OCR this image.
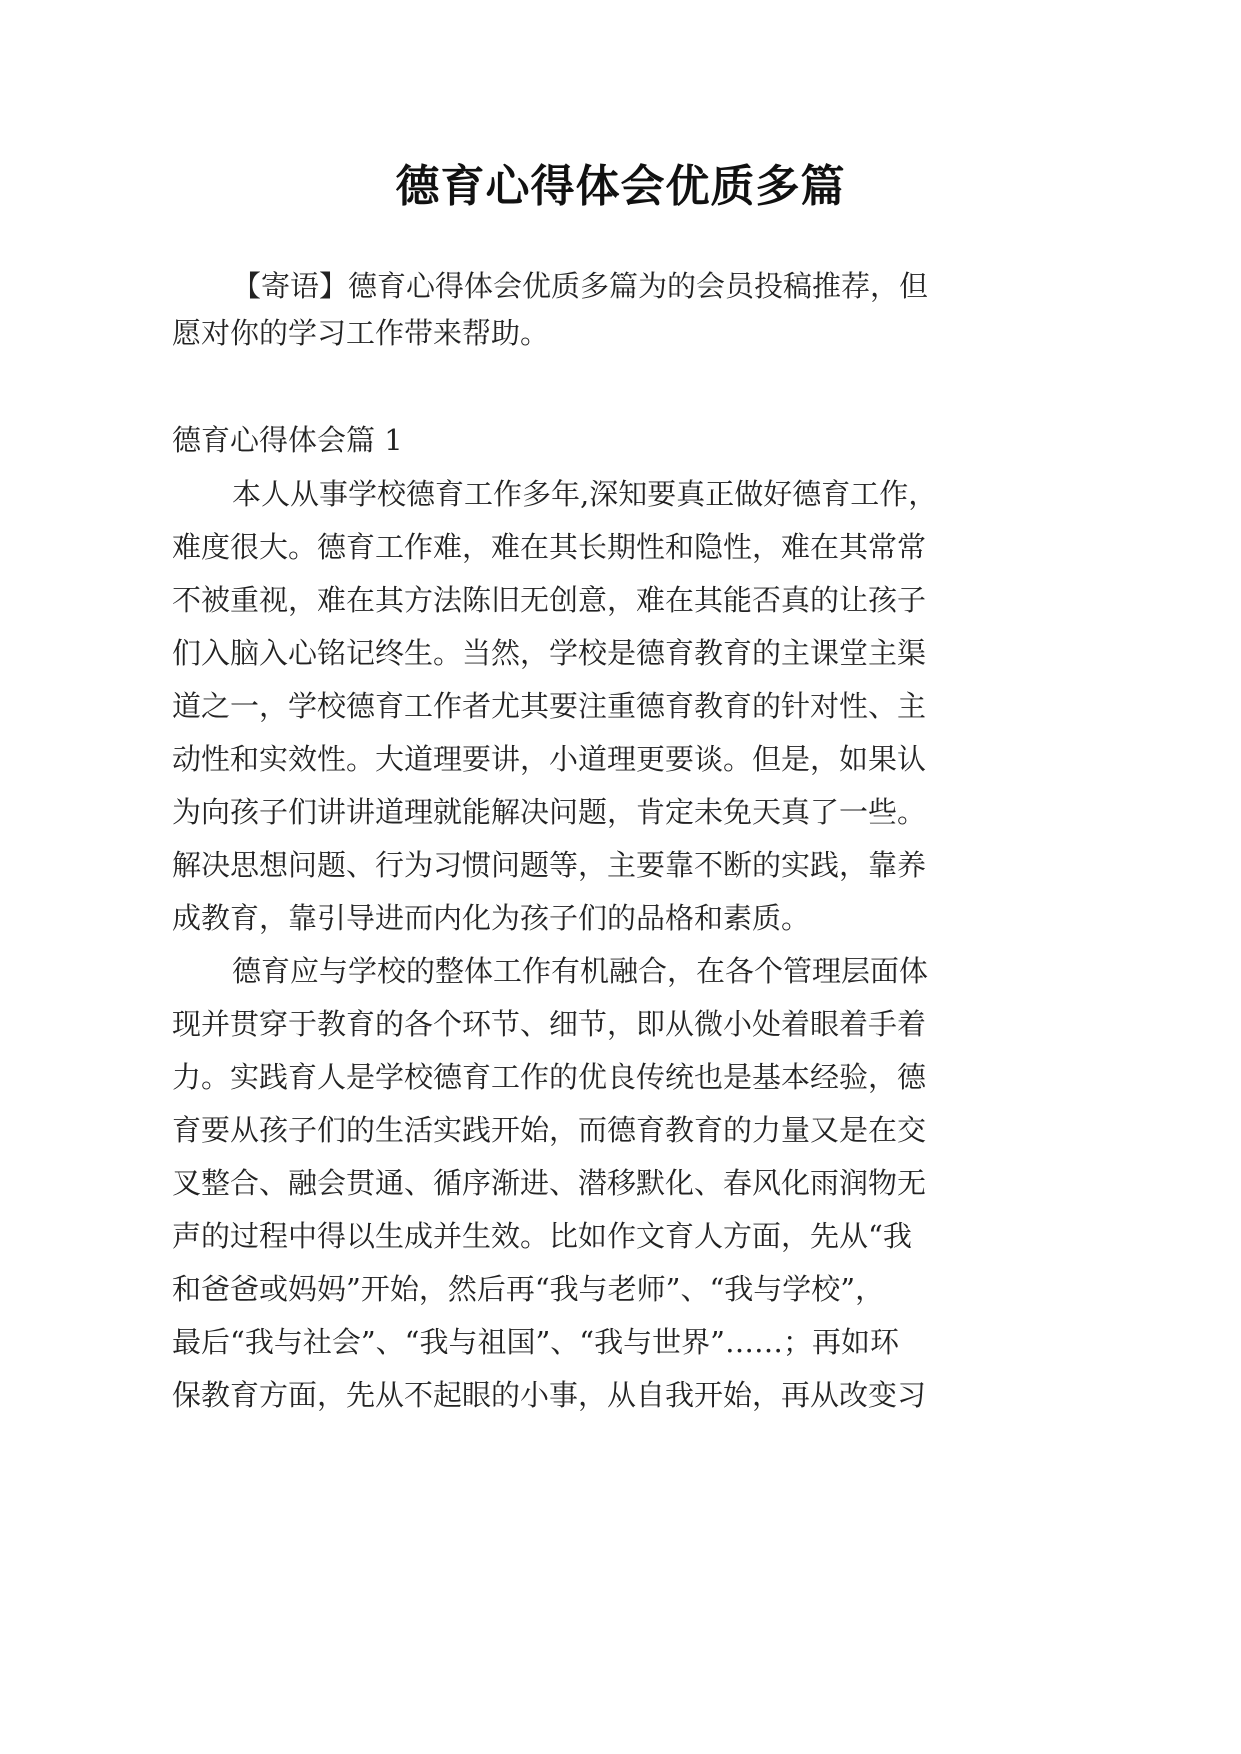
德育心得体会优质多篇
【寄语】德育心得体会优质多篇为的会员投稿推荐，但
愿对你的学习工作带来帮助。
德育心得体会篇 1
本人从事学校德育工作多年,深知要真正做好德育工作，
难度很大。德育工作难，难在其长期性和隐性，难在其常常
不被重视，难在其方法陈旧无创意，难在其能否真的让孩子
们入脑入心铭记终生。当然，学校是德育教育的主课堂主渠
道之一，学校德育工作者尤其要注重德育教育的针对性、主
动性和实效性。大道理要讲，小道理更要谈。但是，如果认
为向孩子们讲讲道理就能解决问题，肯定未免天真了一些。
解决思想问题、行为习惯问题等，主要靠不断的实践，靠养
成教育，靠引导进而内化为孩子们的品格和素质。
德育应与学校的整体工作有机融合，在各个管理层面体
现并贯穿于教育的各个环节、细节，即从微小处着眼着手着
力。实践育人是学校德育工作的优良传统也是基本经验，德
育要从孩子们的生活实践开始，而德育教育的力量又是在交
叉整合、融会贯通、循序渐进、潜移默化、春风化雨润物无
声的过程中得以生成并生效。比如作文育人方面，先从“我
和爸爸或妈妈”开始，然后再“我与老师”、“我与学校”，
最后“我与社会”、“我与祖国”、“我与世界”……；再如环
保教育方面，先从不起眼的小事，从自我开始，再从改变习
